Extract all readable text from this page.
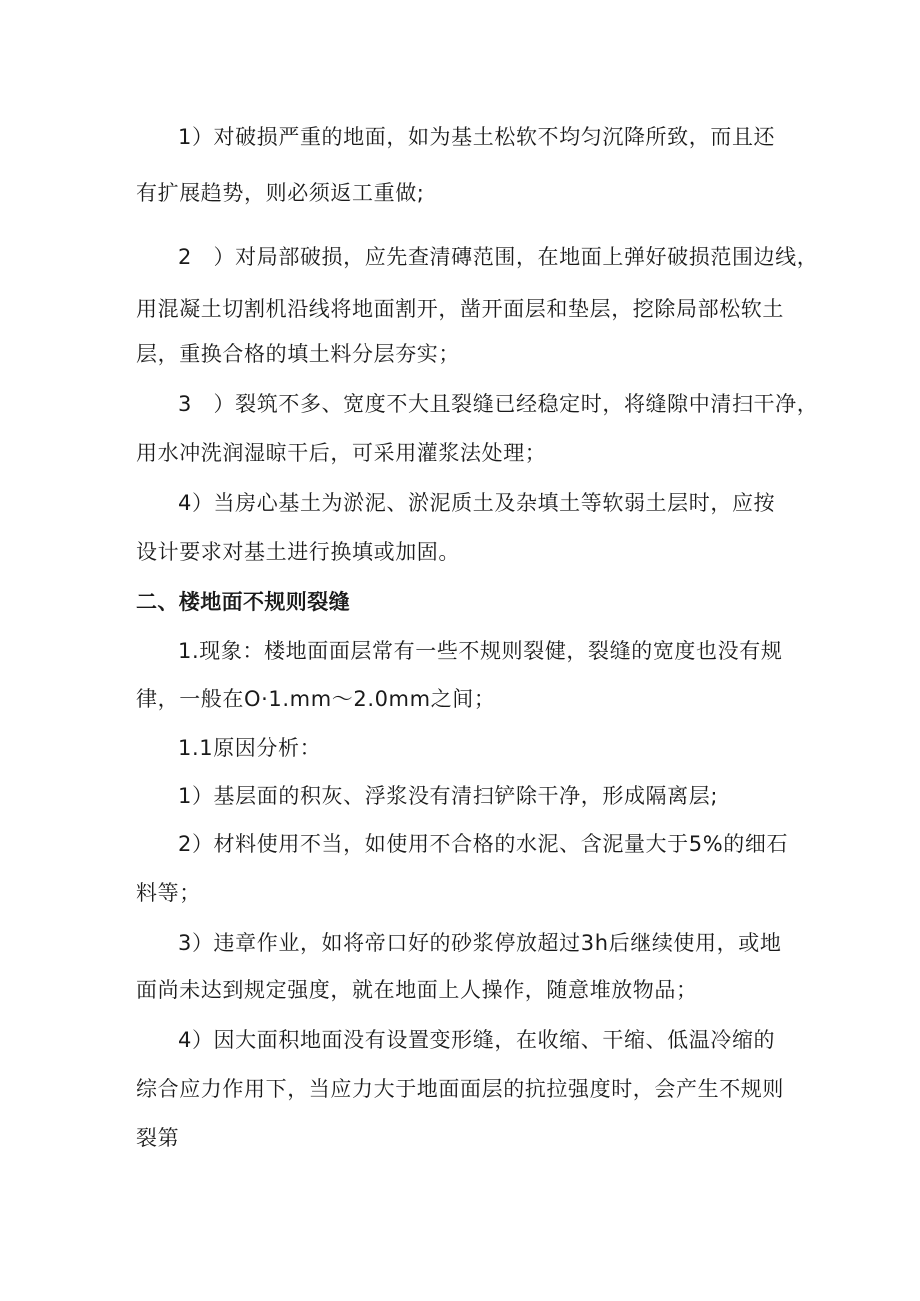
1）对破损严重的地面，如为基土松软不均匀沉降所致，而且还
有扩展趋势，则必须返工重做;
2　）对局部破损，应先查清磚范围，在地面上弹好破损范围边线，
用混凝土切割机沿线将地面割开，凿开面层和垫层，挖除局部松软土
层，重换合格的填土料分层夯实；
3　）裂筑不多、宽度不大且裂缝已经稳定时，将缝隙中清扫干净，
用水冲洗润湿晾干后，可采用灌浆法处理；
4）当房心基土为淤泥、淤泥质土及杂填土等软弱土层时，应按
设计要求对基土进行换填或加固。
二、楼地面不规则裂缝
1.现象：楼地面面层常有一些不规则裂健，裂缝的宽度也没有规
律，一般在O·1.mm～2.0mm之间；
1.1原因分析：
1）基层面的积灰、浮浆没有清扫铲除干净，形成隔离层;
2）材料使用不当，如使用不合格的水泥、含泥量大于5%的细石
料等；
3）违章作业，如将帝口好的砂浆停放超过3h后继续使用，或地
面尚未达到规定强度，就在地面上人操作，随意堆放物品；
4）因大面积地面没有设置变形缝，在收缩、干缩、低温冷缩的
综合应力作用下，当应力大于地面面层的抗拉强度时，会产生不规则
裂第
